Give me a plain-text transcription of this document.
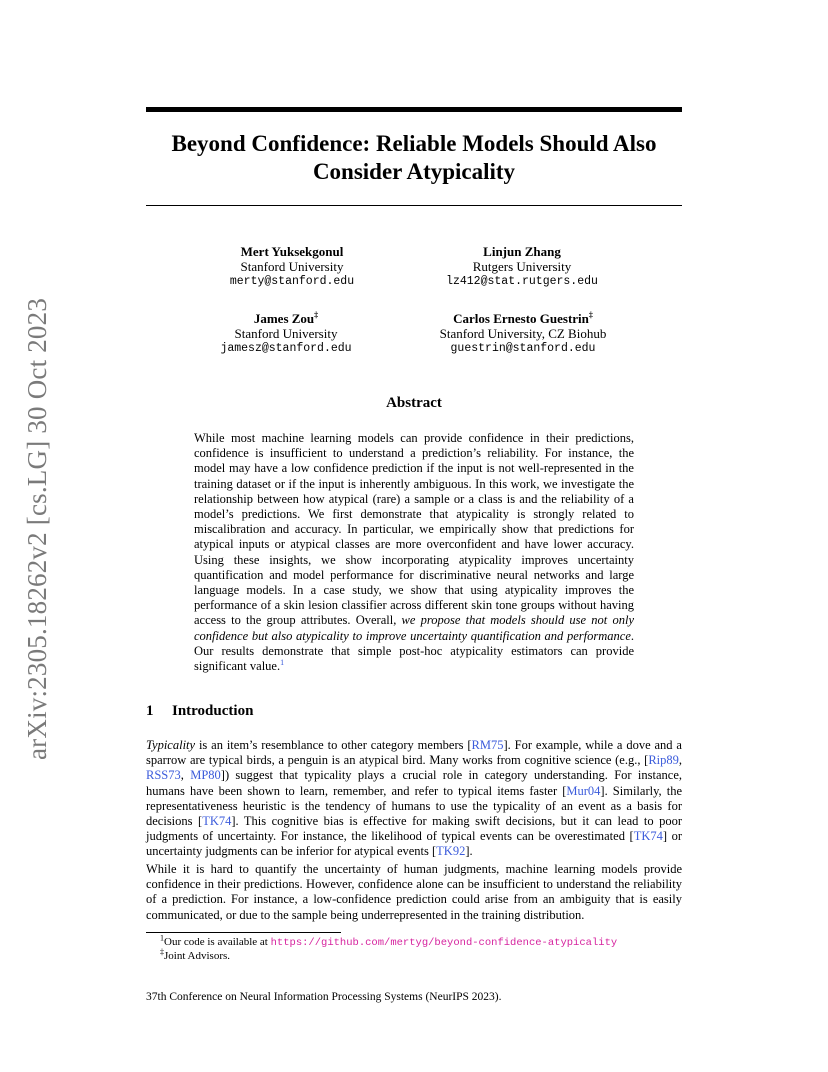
arXiv:2305.18262v2 [cs.LG] 30 Oct 2023
Beyond Confidence: Reliable Models Should Also
Consider Atypicality
Mert Yuksekgonul
Stanford University
merty@stanford.edu
Linjun Zhang
Rutgers University
lz412@stat.rutgers.edu
James Zou‡
Stanford University
jamesz@stanford.edu
Carlos Ernesto Guestrin‡
Stanford University, CZ Biohub
guestrin@stanford.edu
Abstract
While most machine learning models can provide confidence in their predictions, confidence is insufficient to understand a prediction’s reliability. For instance, the model may have a low confidence prediction if the input is not well-represented in the training dataset or if the input is inherently ambiguous. In this work, we investigate the relationship between how atypical (rare) a sample or a class is and the reliability of a model’s predictions. We first demonstrate that atypicality is strongly related to miscalibration and accuracy. In particular, we empirically show that predictions for atypical inputs or atypical classes are more overconfident and have lower accuracy. Using these insights, we show incorporating atypicality improves uncertainty quantification and model performance for discriminative neural networks and large language models. In a case study, we show that using atypicality improves the performance of a skin lesion classifier across different skin tone groups without having access to the group attributes. Overall, we propose that models should use not only confidence but also atypicality to improve uncertainty quantification and performance. Our results demonstrate that simple post-hoc atypicality estimators can provide significant value.$^1$
1 Introduction
Typicality is an item’s resemblance to other category members [RM75]. For example, while a dove and a sparrow are typical birds, a penguin is an atypical bird. Many works from cognitive science (e.g., [Rip89, RSS73, MP80]) suggest that typicality plays a crucial role in category understanding. For instance, humans have been shown to learn, remember, and refer to typical items faster [Mur04]. Similarly, the representativeness heuristic is the tendency of humans to use the typicality of an event as a basis for decisions [TK74]. This cognitive bias is effective for making swift decisions, but it can lead to poor judgments of uncertainty. For instance, the likelihood of typical events can be overestimated [TK74] or uncertainty judgments can be inferior for atypical events [TK92].
While it is hard to quantify the uncertainty of human judgments, machine learning models provide confidence in their predictions. However, confidence alone can be insufficient to understand the reliability of a prediction. For instance, a low-confidence prediction could arise from an ambiguity that is easily communicated, or due to the sample being underrepresented in the training distribution.
$^1$Our code is available at https://github.com/mertyg/beyond-confidence-atypicality
‡Joint Advisors.
37th Conference on Neural Information Processing Systems (NeurIPS 2023).
